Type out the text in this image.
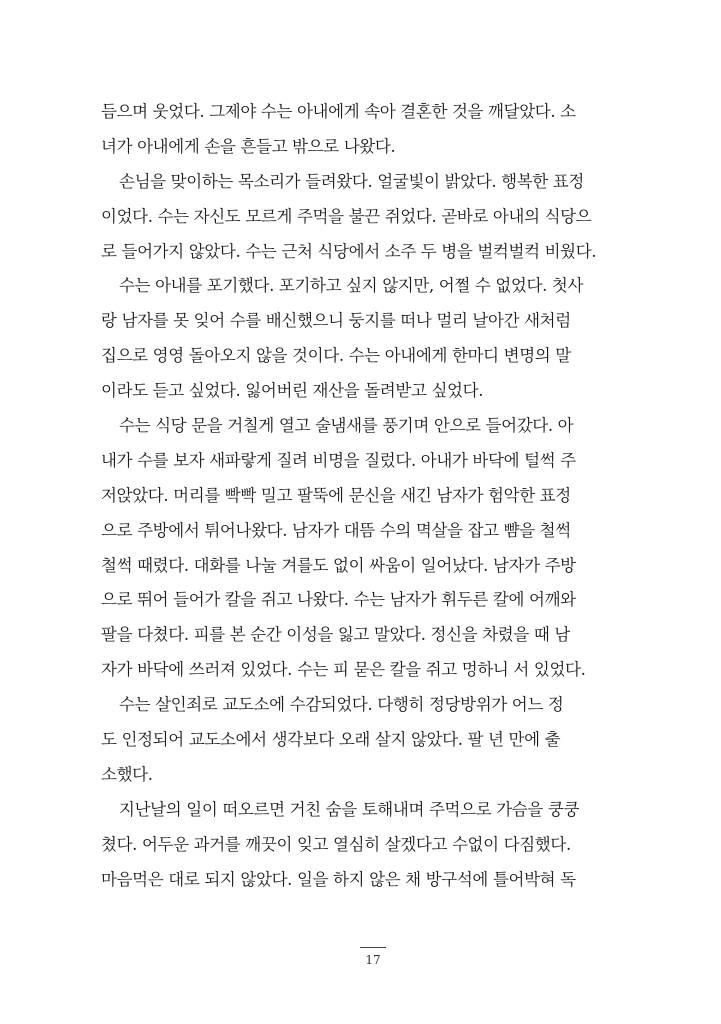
듬으며 웃었다. 그제야 수는 아내에게 속아 결혼한 것을 깨달았다. 소
녀가 아내에게 손을 흔들고 밖으로 나왔다.
손님을 맞이하는 목소리가 들려왔다. 얼굴빛이 밝았다. 행복한 표정
이었다. 수는 자신도 모르게 주먹을 불끈 쥐었다. 곧바로 아내의 식당으
로 들어가지 않았다. 수는 근처 식당에서 소주 두 병을 벌컥벌컥 비웠다.
수는 아내를 포기했다. 포기하고 싶지 않지만, 어쩔 수 없었다. 첫사
랑 남자를 못 잊어 수를 배신했으니 둥지를 떠나 멀리 날아간 새처럼
집으로 영영 돌아오지 않을 것이다. 수는 아내에게 한마디 변명의 말
이라도 듣고 싶었다. 잃어버린 재산을 돌려받고 싶었다.
수는 식당 문을 거칠게 열고 술냄새를 풍기며 안으로 들어갔다. 아
내가 수를 보자 새파랗게 질려 비명을 질렀다. 아내가 바닥에 털썩 주
저앉았다. 머리를 빡빡 밀고 팔뚝에 문신을 새긴 남자가 험악한 표정
으로 주방에서 튀어나왔다. 남자가 대뜸 수의 멱살을 잡고 뺨을 철썩
철썩 때렸다. 대화를 나눌 겨를도 없이 싸움이 일어났다. 남자가 주방
으로 뛰어 들어가 칼을 쥐고 나왔다. 수는 남자가 휘두른 칼에 어깨와
팔을 다쳤다. 피를 본 순간 이성을 잃고 말았다. 정신을 차렸을 때 남
자가 바닥에 쓰러져 있었다. 수는 피 묻은 칼을 쥐고 멍하니 서 있었다.
수는 살인죄로 교도소에 수감되었다. 다행히 정당방위가 어느 정
도 인정되어 교도소에서 생각보다 오래 살지 않았다. 팔 년 만에 출
소했다.
지난날의 일이 떠오르면 거친 숨을 토해내며 주먹으로 가슴을 쿵쿵
쳤다. 어두운 과거를 깨끗이 잊고 열심히 살겠다고 수없이 다짐했다.
마음먹은 대로 되지 않았다. 일을 하지 않은 채 방구석에 틀어박혀 독
17
